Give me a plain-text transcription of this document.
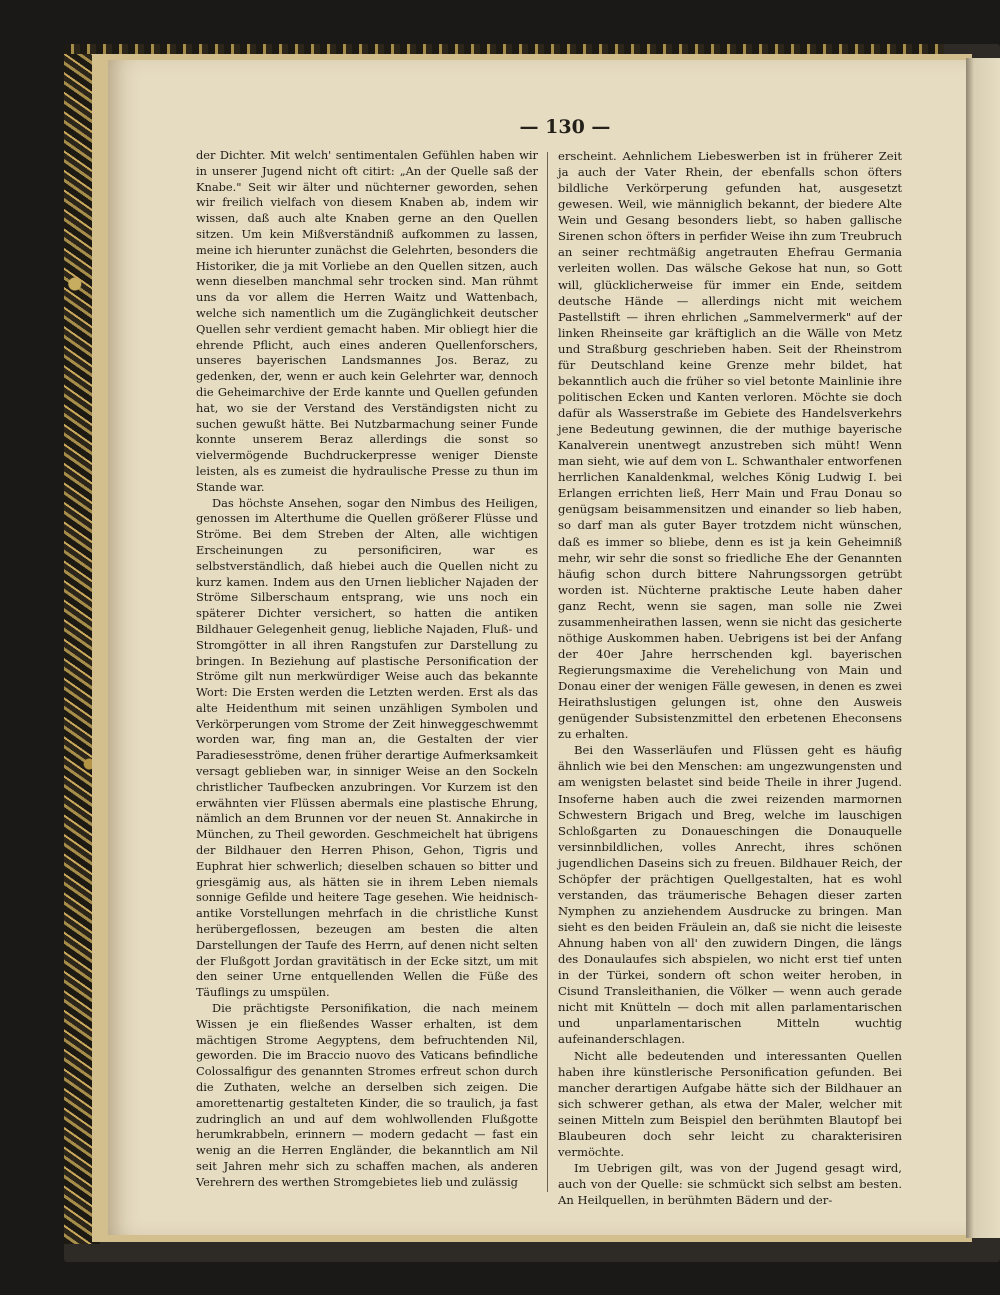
— 130 —

der Dichter. Mit welch' sentimentalen Gefühlen haben wir in unserer Jugend nicht oft citirt: „An der Quelle saß der Knabe." Seit wir älter und nüchterner geworden, sehen wir freilich vielfach von diesem Knaben ab, indem wir wissen, daß auch alte Knaben gerne an den Quellen sitzen. Um kein Mißverständniß aufkommen zu lassen, meine ich hierunter zunächst die Gelehrten, besonders die Historiker, die ja mit Vorliebe an den Quellen sitzen, auch wenn dieselben manchmal sehr trocken sind. Man rühmt uns da vor allem die Herren Waitz und Wattenbach, welche sich namentlich um die Zugänglichkeit deutscher Quellen sehr verdient gemacht haben. Mir obliegt hier die ehrende Pflicht, auch eines anderen Quellenforschers, unseres bayerischen Landsmannes Jos. Beraz, zu gedenken, der, wenn er auch kein Gelehrter war, dennoch die Geheimarchive der Erde kannte und Quellen gefunden hat, wo sie der Verstand des Verständigsten nicht zu suchen gewußt hätte. Bei Nutzbarmachung seiner Funde konnte unserem Beraz allerdings die sonst so vielvermögende Buchdruckerpresse weniger Dienste leisten, als es zumeist die hydraulische Presse zu thun im Stande war.

Das höchste Ansehen, sogar den Nimbus des Heiligen, genossen im Alterthume die Quellen größerer Flüsse und Ströme. Bei dem Streben der Alten, alle wichtigen Erscheinungen zu personificiren, war es selbstverständlich, daß hiebei auch die Quellen nicht zu kurz kamen. Indem aus den Urnen lieblicher Najaden der Ströme Silberschaum entsprang, wie uns noch ein späterer Dichter versichert, so hatten die antiken Bildhauer Gelegenheit genug, liebliche Najaden, Fluß- und Stromgötter in all ihren Rangstufen zur Darstellung zu bringen. In Beziehung auf plastische Personification der Ströme gilt nun merkwürdiger Weise auch das bekannte Wort: Die Ersten werden die Letzten werden. Erst als das alte Heidenthum mit seinen unzähligen Symbolen und Verkörperungen vom Strome der Zeit hinweggeschwemmt worden war, fing man an, die Gestalten der vier Paradiesesströme, denen früher derartige Aufmerksamkeit versagt geblieben war, in sinniger Weise an den Sockeln christlicher Taufbecken anzubringen. Vor Kurzem ist den erwähnten vier Flüssen abermals eine plastische Ehrung, nämlich an dem Brunnen vor der neuen St. Annakirche in München, zu Theil geworden. Geschmeichelt hat übrigens der Bildhauer den Herren Phison, Gehon, Tigris und Euphrat hier schwerlich; dieselben schauen so bitter und griesgämig aus, als hätten sie in ihrem Leben niemals sonnige Gefilde und heitere Tage gesehen. Wie heidnisch-antike Vorstellungen mehrfach in die christliche Kunst herübergeflossen, bezeugen am besten die alten Darstellungen der Taufe des Herrn, auf denen nicht selten der Flußgott Jordan gravitätisch in der Ecke sitzt, um mit den seiner Urne entquellenden Wellen die Füße des Täuflings zu umspülen.

Die prächtigste Personifikation, die nach meinem Wissen je ein fließendes Wasser erhalten, ist dem mächtigen Strome Aegyptens, dem befruchtenden Nil, geworden. Die im Braccio nuovo des Vaticans befindliche Colossalfigur des genannten Stromes erfreut schon durch die Zuthaten, welche an derselben sich zeigen. Die amorettenartig gestalteten Kinder, die so traulich, ja fast zudringlich an und auf dem wohlwollenden Flußgotte herumkrabbeln, erinnern — modern gedacht — fast ein wenig an die Herren Engländer, die bekanntlich am Nil seit Jahren mehr sich zu schaffen machen, als anderen Verehrern des werthen Stromgebietes lieb und zulässig

erscheint. Aehnlichem Liebeswerben ist in früherer Zeit ja auch der Vater Rhein, der ebenfalls schon öfters bildliche Verkörperung gefunden hat, ausgesetzt gewesen. Weil, wie männiglich bekannt, der biedere Alte Wein und Gesang besonders liebt, so haben gallische Sirenen schon öfters in perfider Weise ihn zum Treubruch an seiner rechtmäßig angetrauten Ehefrau Germania verleiten wollen. Das wälsche Gekose hat nun, so Gott will, glücklicherweise für immer ein Ende, seitdem deutsche Hände — allerdings nicht mit weichem Pastellstift — ihren ehrlichen „Sammelvermerk" auf der linken Rheinseite gar kräftiglich an die Wälle von Metz und Straßburg geschrieben haben. Seit der Rheinstrom für Deutschland keine Grenze mehr bildet, hat bekanntlich auch die früher so viel betonte Mainlinie ihre politischen Ecken und Kanten verloren. Möchte sie doch dafür als Wasserstraße im Gebiete des Handelsverkehrs jene Bedeutung gewinnen, die der muthige bayerische Kanalverein unentwegt anzustreben sich müht! Wenn man sieht, wie auf dem von L. Schwanthaler entworfenen herrlichen Kanaldenkmal, welches König Ludwig I. bei Erlangen errichten ließ, Herr Main und Frau Donau so genügsam beisammensitzen und einander so lieb haben, so darf man als guter Bayer trotzdem nicht wünschen, daß es immer so bliebe, denn es ist ja kein Geheimniß mehr, wir sehr die sonst so friedliche Ehe der Genannten häufig schon durch bittere Nahrungssorgen getrübt worden ist. Nüchterne praktische Leute haben daher ganz Recht, wenn sie sagen, man solle nie Zwei zusammenheirathen lassen, wenn sie nicht das gesicherte nöthige Auskommen haben. Uebrigens ist bei der Anfang der 40er Jahre herrschenden kgl. bayerischen Regierungsmaxime die Verehelichung von Main und Donau einer der wenigen Fälle gewesen, in denen es zwei Heirathslustigen gelungen ist, ohne den Ausweis genügender Subsistenzmittel den erbetenen Eheconsens zu erhalten.

Bei den Wasserläufen und Flüssen geht es häufig ähnlich wie bei den Menschen: am ungezwungensten und am wenigsten belastet sind beide Theile in ihrer Jugend. Insoferne haben auch die zwei reizenden marmornen Schwestern Brigach und Breg, welche im lauschigen Schloßgarten zu Donaueschingen die Donauquelle versinnbildlichen, volles Anrecht, ihres schönen jugendlichen Daseins sich zu freuen. Bildhauer Reich, der Schöpfer der prächtigen Quellgestalten, hat es wohl verstanden, das träumerische Behagen dieser zarten Nymphen zu anziehendem Ausdrucke zu bringen. Man sieht es den beiden Fräulein an, daß sie nicht die leiseste Ahnung haben von all' den zuwidern Dingen, die längs des Donaulaufes sich abspielen, wo nicht erst tief unten in der Türkei, sondern oft schon weiter heroben, in Cisund Transleithanien, die Völker — wenn auch gerade nicht mit Knütteln — doch mit allen parlamentarischen und unparlamentarischen Mitteln wuchtig aufeinanderschlagen.

Nicht alle bedeutenden und interessanten Quellen haben ihre künstlerische Personification gefunden. Bei mancher derartigen Aufgabe hätte sich der Bildhauer an sich schwerer gethan, als etwa der Maler, welcher mit seinen Mitteln zum Beispiel den berühmten Blautopf bei Blaubeuren doch sehr leicht zu charakterisiren vermöchte.

Im Uebrigen gilt, was von der Jugend gesagt wird, auch von der Quelle: sie schmückt sich selbst am besten. An Heilquellen, in berühmten Bädern und der-
